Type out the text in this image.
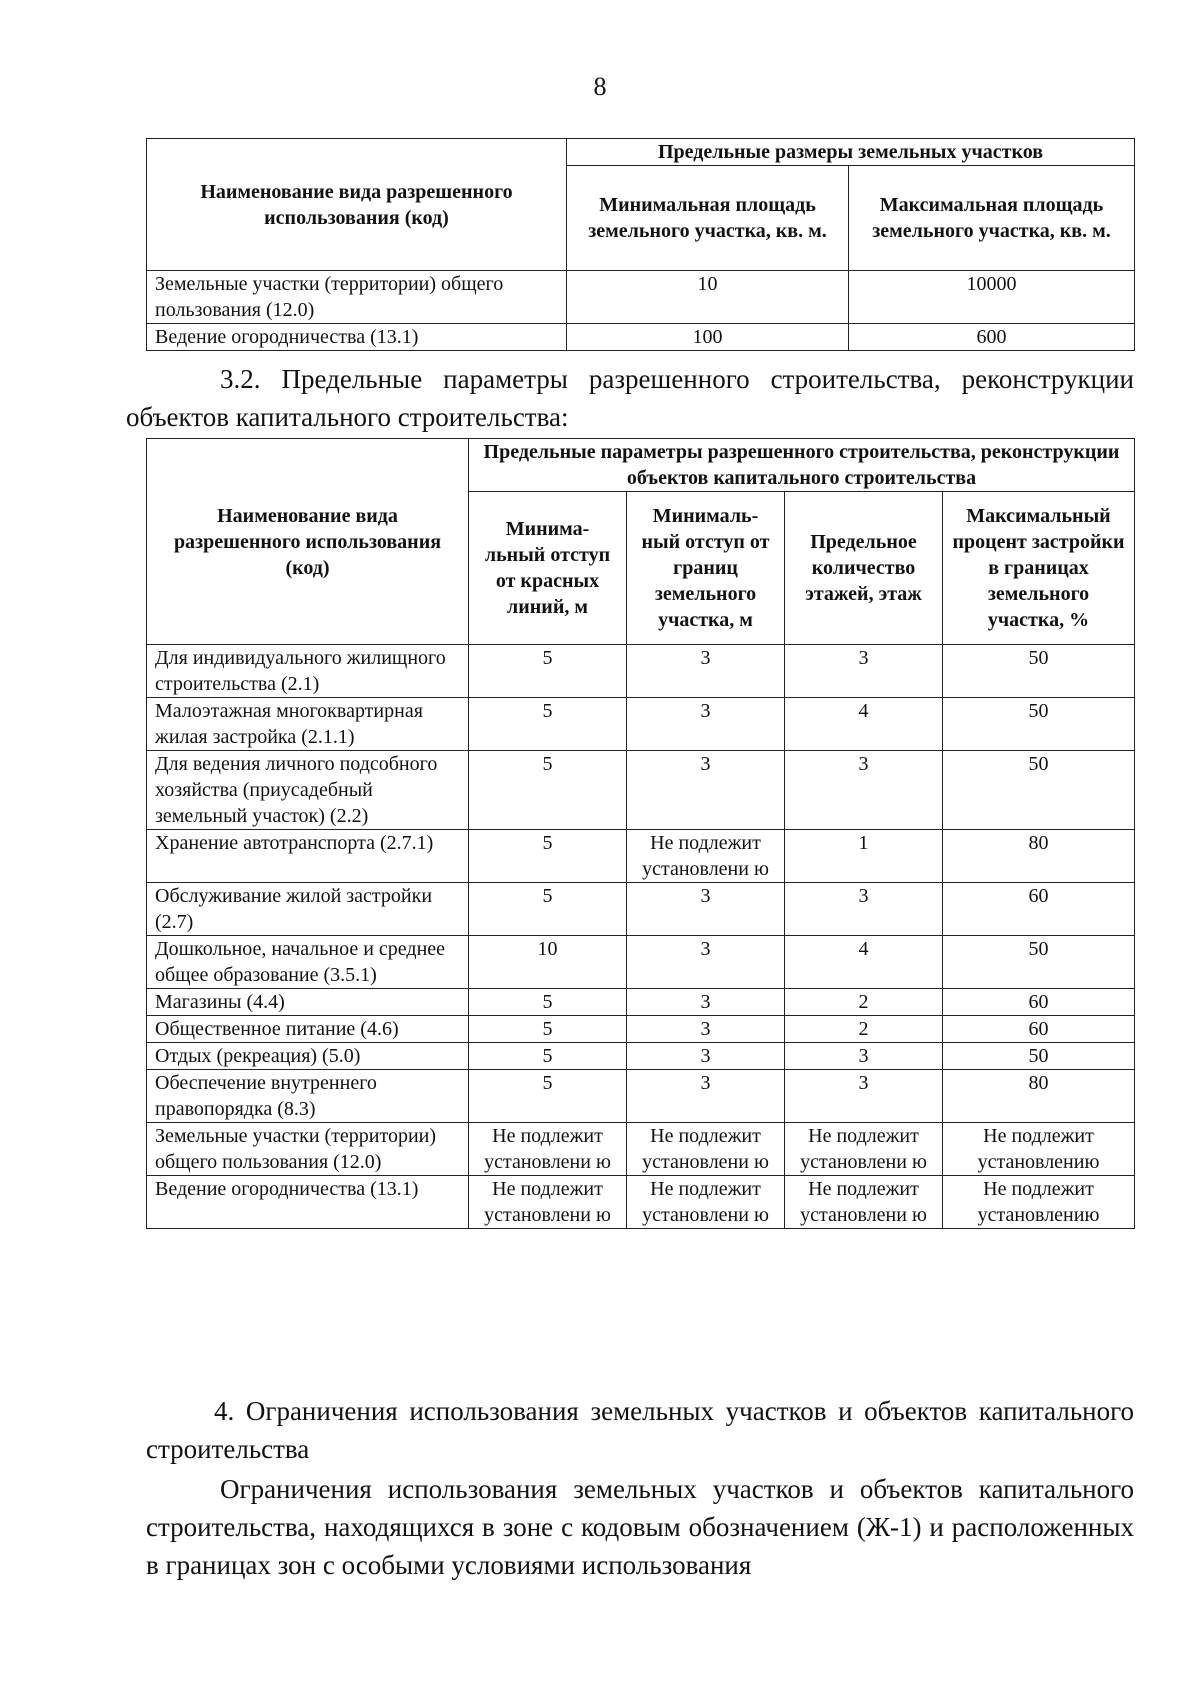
8
Наименование вида разрешенного использования (код)	Предельные размеры земельных участков	
	Минимальная площадь земельного участка, кв. м.	Максимальная площадь земельного участка, кв. м.
Земельные участки (территории) общего пользования (12.0)	10	10000
Ведение огородничества (13.1)	100	600
3.2. Предельные параметры разрешенного строительства, реконструкции объектов капитального строительства:
Наименование вида разрешенного использования (код)	Предельные параметры разрешенного строительства, реконструкции объектов капитального строительства			
	Минима-льный отступ от красных линий, м	Минималь-ный отступ от границ земельного участка, м	Предельное количество этажей, этаж	Максимальный процент застройки в границах земельного участка, %
Для индивидуального жилищного строительства (2.1)	5	3	3	50
Малоэтажная многоквартирная жилая застройка (2.1.1)	5	3	4	50
Для ведения личного подсобного хозяйства (приусадебный земельный участок) (2.2)	5	3	3	50
Хранение автотранспорта (2.7.1)	5	Не подлежит установлени ю	1	80
Обслуживание жилой застройки (2.7)	5	3	3	60
Дошкольное, начальное и среднее общее образование (3.5.1)	10	3	4	50
Магазины (4.4)	5	3	2	60
Общественное питание (4.6)	5	3	2	60
Отдых (рекреация) (5.0)	5	3	3	50
Обеспечение внутреннего правопорядка (8.3)	5	3	3	80
Земельные участки (территории) общего пользования (12.0)	Не подлежит установлени ю	Не подлежит установлени ю	Не подлежит установлени ю	Не подлежит установлению
Ведение огородничества (13.1)	Не подлежит установлени ю	Не подлежит установлени ю	Не подлежит установлени ю	Не подлежит установлению
4. Ограничения использования земельных участков и объектов капитального строительства
Ограничения использования земельных участков и объектов капитального строительства, находящихся в зоне с кодовым обозначением (Ж-1) и расположенных в границах зон с особыми условиями использования
